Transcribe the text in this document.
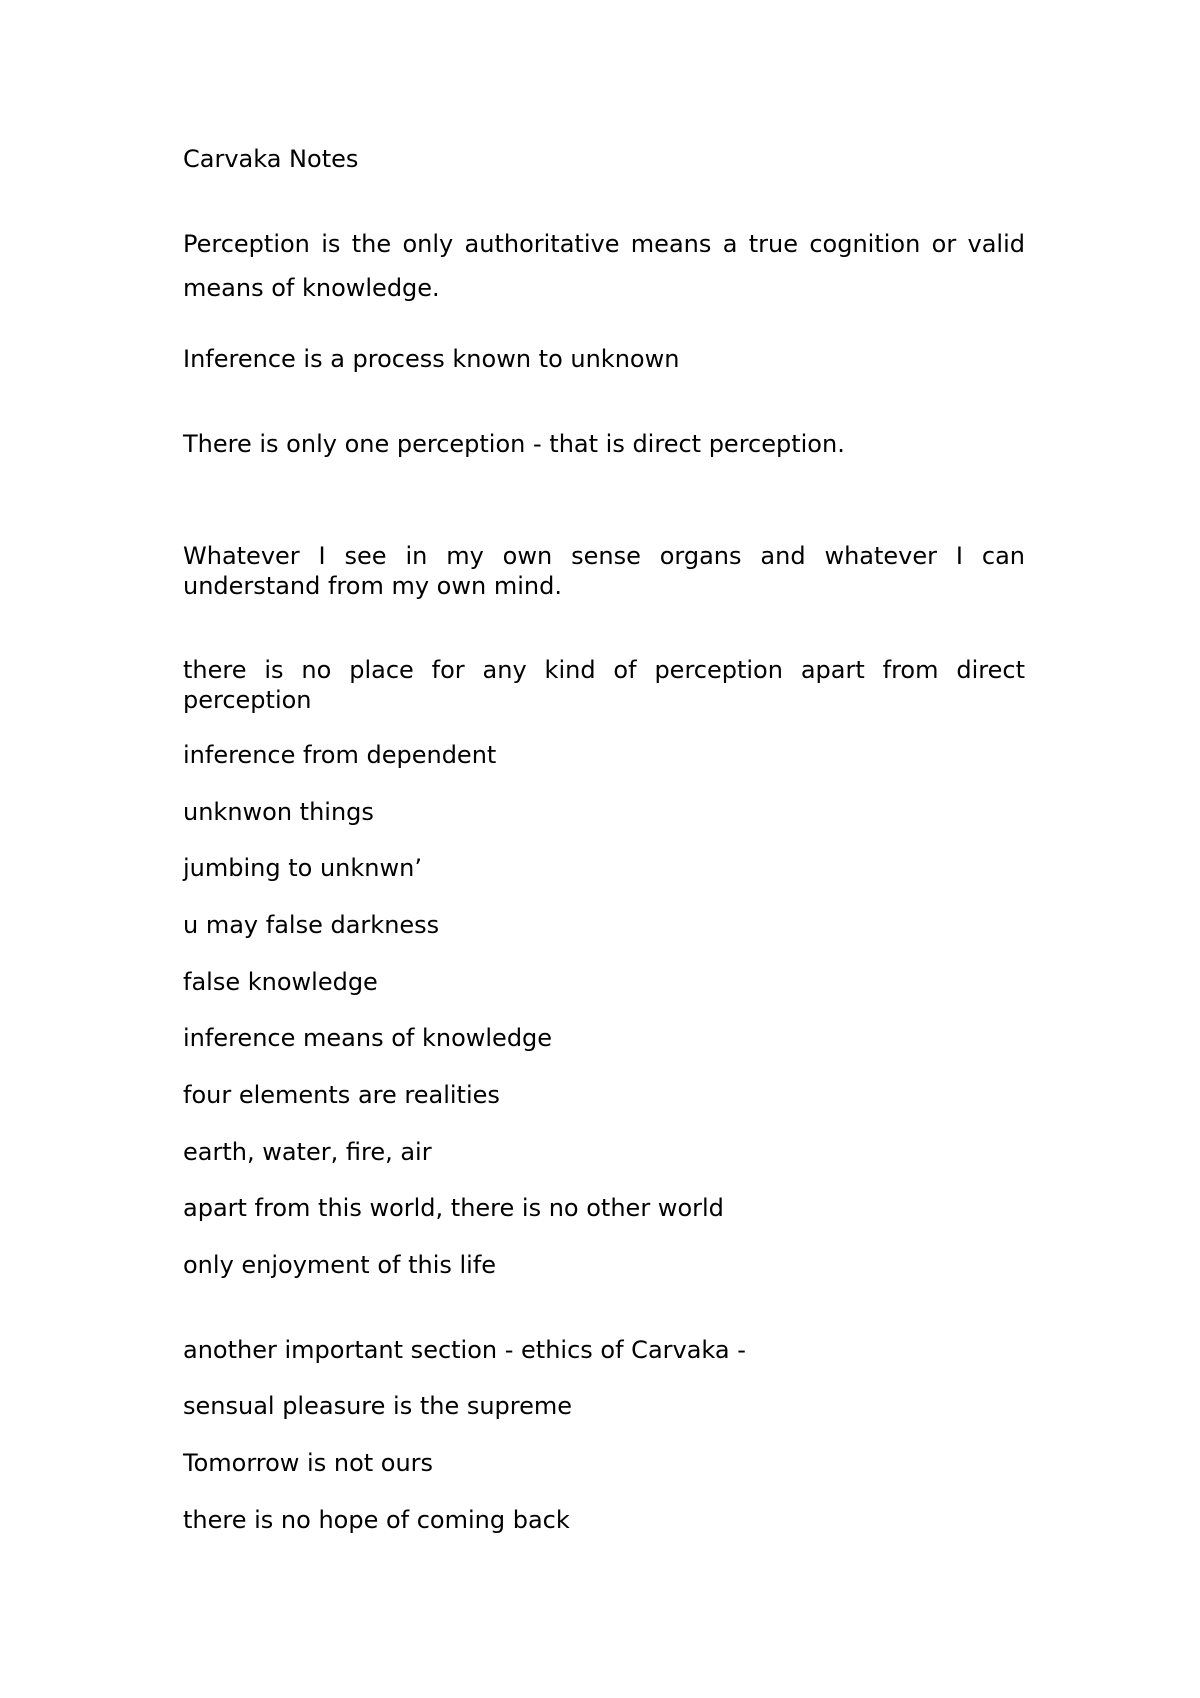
Carvaka Notes

Perception is the only authoritative means a true cognition or valid means of knowledge.

Inference is a process known to unknown

There is only one perception - that is direct perception.

Whatever I see in my own sense organs and whatever I can understand from my own mind.

there is no place for any kind of perception apart from direct perception

inference from dependent

unknwon things

jumbing to unknwn’

u may false darkness

false knowledge

inference means of knowledge

four elements are realities

earth, water, fire, air

apart from this world, there is no other world

only enjoyment of this life

another important section - ethics of Carvaka -

sensual pleasure is the supreme

Tomorrow is not ours

there is no hope of coming back
